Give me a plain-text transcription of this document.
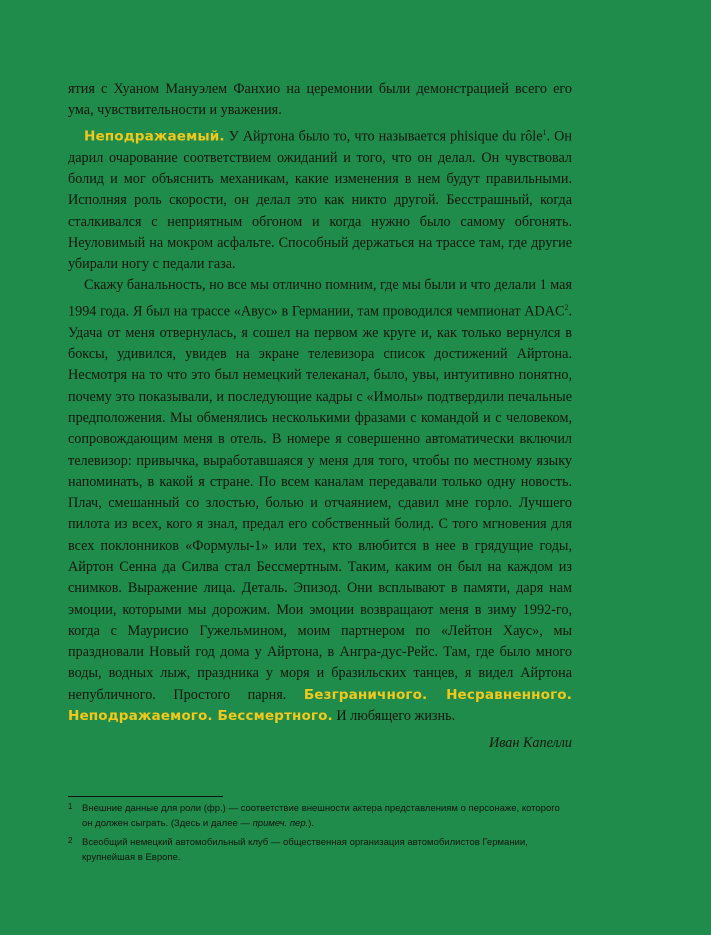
ятия с Хуаном Мануэлем Фанхио на церемонии были демонстрацией всего его ума, чувствительности и уважения.

Неподражаемый. У Айртона было то, что называется phisique du rôle$^1$. Он дарил очарование соответствием ожиданий и того, что он делал. Он чувствовал болид и мог объяснить механикам, какие изменения в нем будут правильными. Исполняя роль скорости, он делал это как никто другой. Бесстрашный, когда сталкивался с неприятным обгоном и когда нужно было самому обгонять. Неуловимый на мокром асфальте. Способный держаться на трассе там, где другие убирали ногу с педали газа.

Скажу банальность, но все мы отлично помним, где мы были и что делали 1 мая 1994 года. Я был на трассе «Авус» в Германии, там проводился чемпионат ADAC$^2$. Удача от меня отвернулась, я сошел на первом же круге и, как только вернулся в боксы, удивился, увидев на экране телевизора список достижений Айртона. Несмотря на то что это был немецкий телеканал, было, увы, интуитивно понятно, почему это показывали, и последующие кадры с «Имолы» подтвердили печальные предположения. Мы обменялись несколькими фразами с командой и с человеком, сопровождающим меня в отель. В номере я совершенно автоматически включил телевизор: привычка, выработавшаяся у меня для того, чтобы по местному языку напоминать, в какой я стране. По всем каналам передавали только одну новость. Плач, смешанный со злостью, болью и отчаянием, сдавил мне горло. Лучшего пилота из всех, кого я знал, предал его собственный болид. С того мгновения для всех поклонников «Формулы-1» или тех, кто влюбится в нее в грядущие годы, Айртон Сенна да Силва стал Бессмертным. Таким, каким он был на каждом из снимков. Выражение лица. Деталь. Эпизод. Они всплывают в памяти, даря нам эмоции, которыми мы дорожим. Мои эмоции возвращают меня в зиму 1992-го, когда с Маурисио Гужельмином, моим партнером по «Лейтон Хаус», мы праздновали Новый год дома у Айртона, в Ангра-дус-Рейс. Там, где было много воды, водных лыж, праздника у моря и бразильских танцев, я видел Айртона непубличного. Простого парня. Безграничного. Несравненного. Неподражаемого. Бессмертного. И любящего жизнь.

Иван Капелли

1 Внешние данные для роли (фр.) — соответствие внешности актера представлениям о персонаже, которого он должен сыграть. (Здесь и далее — примеч. пер.).
2 Всеобщий немецкий автомобильный клуб — общественная организация автомобилистов Германии, крупнейшая в Европе.
